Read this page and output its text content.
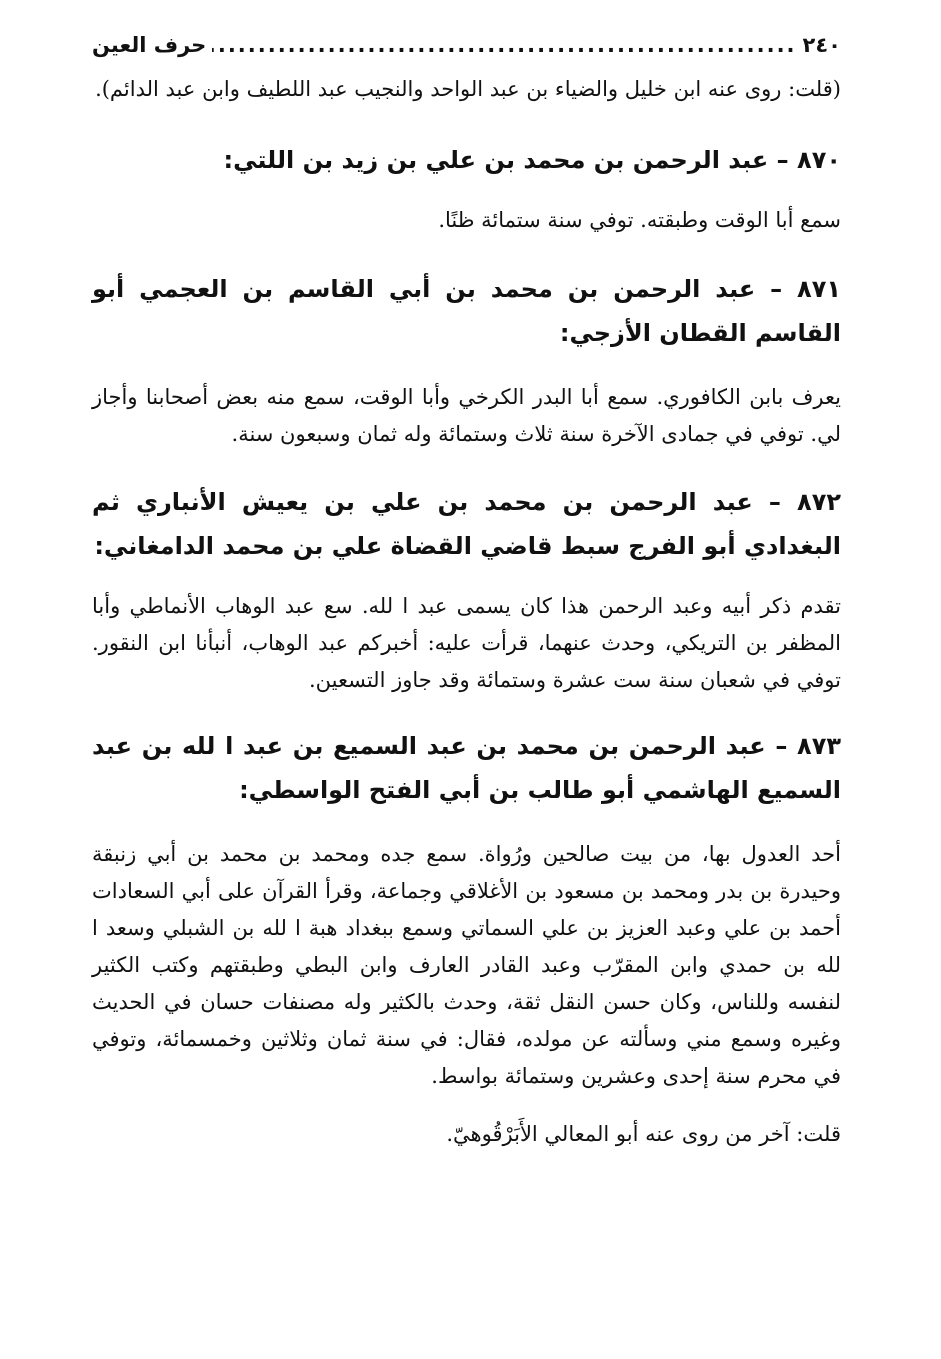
٢٤٠
.....
حرف العين

(قلت: روى عنه ابن خليل والضياء بن عبد الواحد والنجيب عبد اللطيف وابن عبد الدائم).

٨٧٠ – عبد الرحمن بن محمد بن علي بن زيد بن اللتي:

سمع أبا الوقت وطبقته. توفي سنة ستمائة ظنًا.

٨٧١ – عبد الرحمن بن محمد بن أبي القاسم بن العجمي أبو القاسم القطان الأزجي:

يعرف بابن الكافوري. سمع أبا البدر الكرخي وأبا الوقت، سمع منه بعض أصحابنا وأجاز لي. توفي في جمادى الآخرة سنة ثلاث وستمائة وله ثمان وسبعون سنة.

٨٧٢ – عبد الرحمن بن محمد بن علي بن يعيش الأنباري ثم البغدادي أبو الفرج سبط قاضي القضاة علي بن محمد الدامغاني:

تقدم ذكر أبيه وعبد الرحمن هذا كان يسمى عبد ا لله. سع عبد الوهاب الأنماطي وأبا المظفر بن التريكي، وحدث عنهما، قرأت عليه: أخبركم عبد الوهاب، أنبأنا ابن النقور. توفي في شعبان سنة ست عشرة وستمائة وقد جاوز التسعين.

٨٧٣ – عبد الرحمن بن محمد بن عبد السميع بن عبد ا لله بن عبد السميع الهاشمي أبو طالب بن أبي الفتح الواسطي:

أحد العدول بها، من بيت صالحين ورُواة. سمع جده ومحمد بن محمد بن أبي زنبقة وحيدرة بن بدر ومحمد بن مسعود بن الأغلاقي وجماعة، وقرأ القرآن على أبي السعادات أحمد بن علي وعبد العزيز بن علي السماتي وسمع ببغداد هبة ا لله بن الشبلي وسعد ا لله بن حمدي وابن المقرّب وعبد القادر العارف وابن البطي وطبقتهم وكتب الكثير لنفسه وللناس، وكان حسن النقل ثقة، وحدث بالكثير وله مصنفات حسان في الحديث وغيره وسمع مني وسألته عن مولده، فقال: في سنة ثمان وثلاثين وخمسمائة، وتوفي في محرم سنة إحدى وعشرين وستمائة بواسط.

قلت: آخر من روى عنه أبو المعالي الأَبَرْقُوهيّ.
